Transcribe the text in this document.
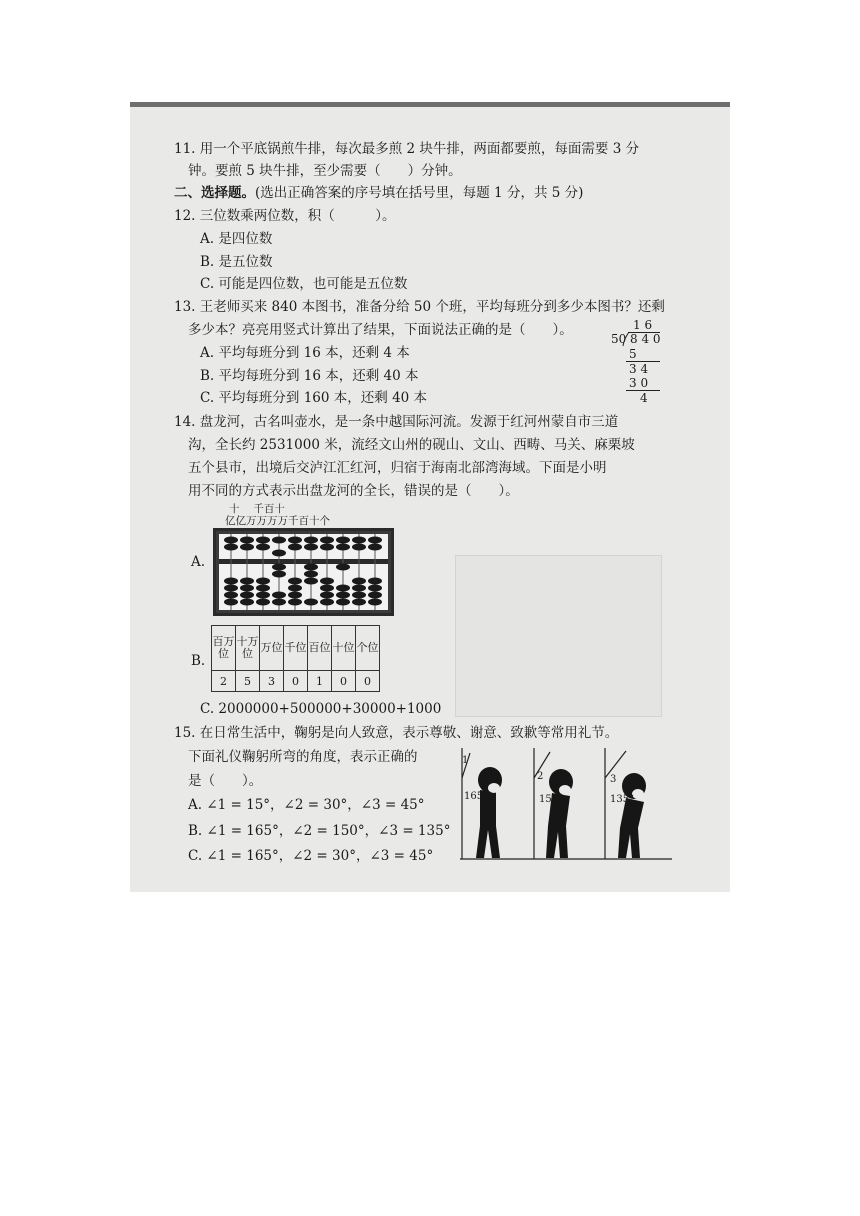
11. 用一个平底锅煎牛排，每次最多煎 2 块牛排，两面都要煎，每面需要 3 分
钟。要煎 5 块牛排，至少需要（　　）分钟。
二、选择题。(选出正确答案的序号填在括号里，每题 1 分，共 5 分)
12. 三位数乘两位数，积（　　　）。
A. 是四位数
B. 是五位数
C. 可能是四位数，也可能是五位数
13. 王老师买来 840 本图书，准备分给 50 个班，平均每班分到多少本图书？还剩
多少本？亮亮用竖式计算出了结果，下面说法正确的是（　　）。
A. 平均每班分到 16 本，还剩 4 本
B. 平均每班分到 16 本，还剩 40 本
C. 平均每班分到 160 本，还剩 40 本
1 6
50 8 4 0
5
3 4
3 0
4
14. 盘龙河，古名叫壶水，是一条中越国际河流。发源于红河州蒙自市三道
沟，全长约 2531000 米，流经文山州的砚山、文山、西畴、马关、麻栗坡
五个县市，出境后交泸江汇红河，归宿于海南北部湾海域。下面是小明
用不同的方式表示出盘龙河的全长，错误的是（　　）。
十　 千百十
亿亿万万万万千百十个
A.
B.
百万位	十万位	万位	千位	百位	十位	个位
2	5	3	0	1	0	0
C. 2000000+500000+30000+1000
15. 在日常生活中，鞠躬是向人致意，表示尊敬、谢意、致歉等常用礼节。
下面礼仪鞠躬所弯的角度，表示正确的
是（　　）。
A. ∠1 = 15°，∠2 = 30°，∠3 = 45°
B. ∠1 = 165°，∠2 = 150°，∠3 = 135°
C. ∠1 = 165°，∠2 = 30°，∠3 = 45°
1
165°
2
150°
3
135°
